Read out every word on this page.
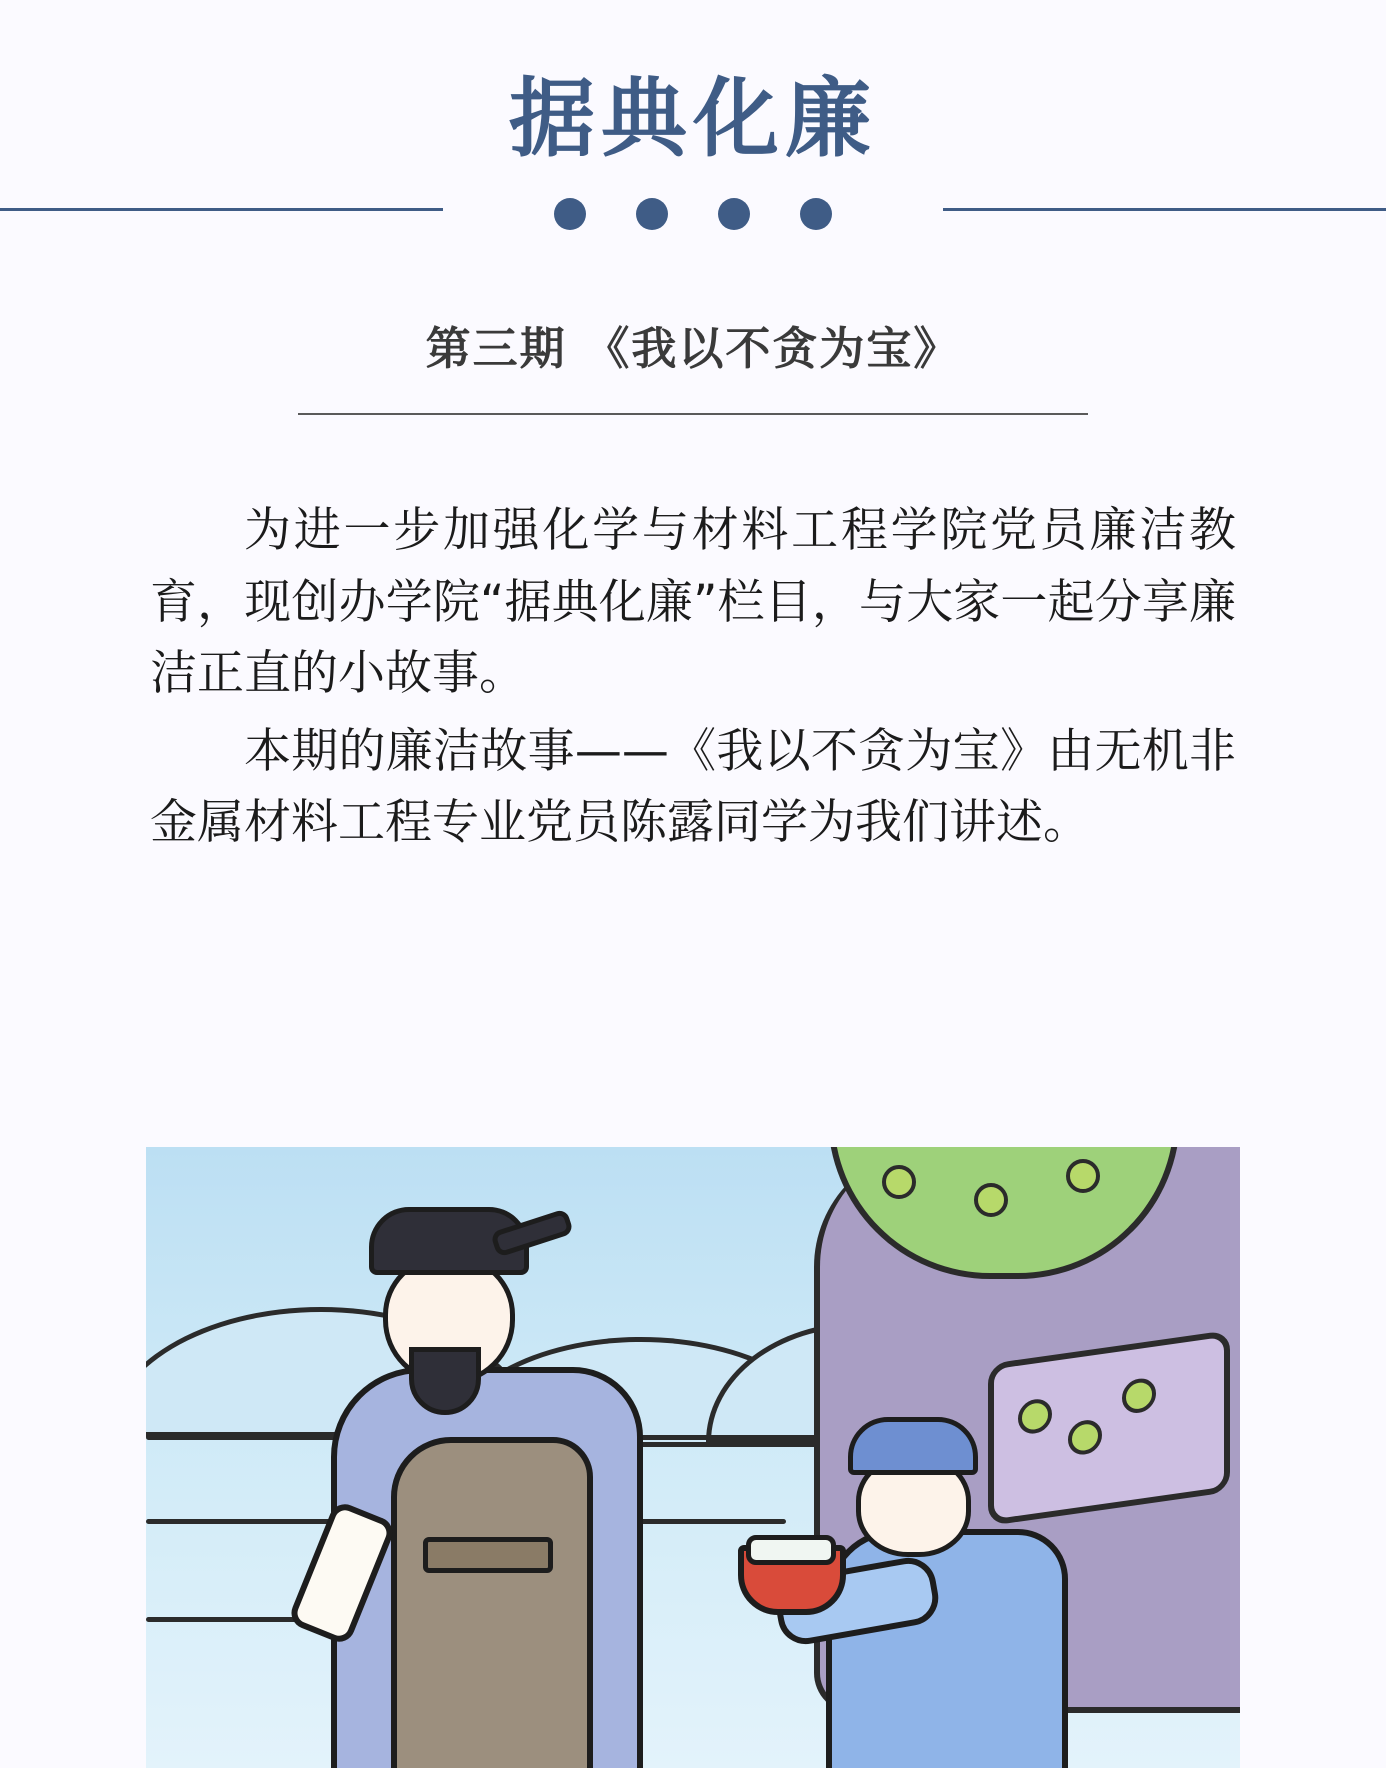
据典化廉
第三期 《我以不贪为宝》

为进一步加强化学与材料工程学院党员廉洁教育，现创办学院“据典化廉”栏目，与大家一起分享廉洁正直的小故事。

本期的廉洁故事——《我以不贪为宝》由无机非金属材料工程专业党员陈露同学为我们讲述。
